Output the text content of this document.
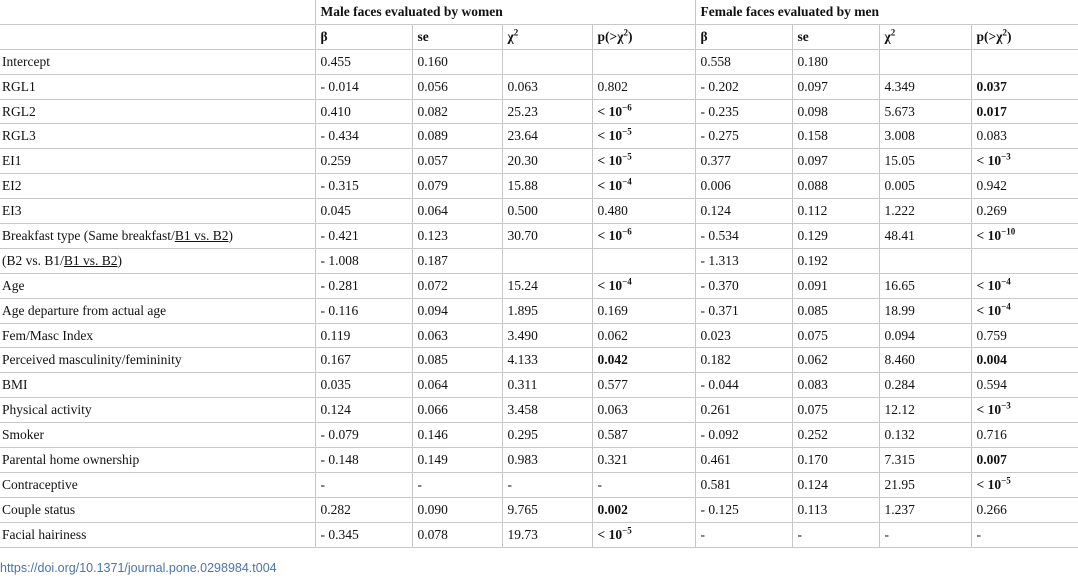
	Male faces evaluated by women				Female faces evaluated by men			
	β	se	$\chi^2$	$p(>\chi^2)$	β	se	$\chi^2$	$p(>\chi^2)$
Intercept	0.455	0.160			0.558	0.180		
RGL1	- 0.014	0.056	0.063	0.802	- 0.202	0.097	4.349	0.037
RGL2	0.410	0.082	25.23	< $10^{-6}$	- 0.235	0.098	5.673	0.017
RGL3	- 0.434	0.089	23.64	< $10^{-5}$	- 0.275	0.158	3.008	0.083
EI1	0.259	0.057	20.30	< $10^{-5}$	0.377	0.097	15.05	< $10^{-3}$
EI2	- 0.315	0.079	15.88	< $10^{-4}$	0.006	0.088	0.005	0.942
EI3	0.045	0.064	0.500	0.480	0.124	0.112	1.222	0.269
Breakfast type (Same breakfast/B1 vs. B2)	- 0.421	0.123	30.70	< $10^{-6}$	- 0.534	0.129	48.41	< $10^{-10}$
(B2 vs. B1/B1 vs. B2)	- 1.008	0.187			- 1.313	0.192		
Age	- 0.281	0.072	15.24	< $10^{-4}$	- 0.370	0.091	16.65	< $10^{-4}$
Age departure from actual age	- 0.116	0.094	1.895	0.169	- 0.371	0.085	18.99	< $10^{-4}$
Fem/Masc Index	0.119	0.063	3.490	0.062	0.023	0.075	0.094	0.759
Perceived masculinity/femininity	0.167	0.085	4.133	0.042	0.182	0.062	8.460	0.004
BMI	0.035	0.064	0.311	0.577	- 0.044	0.083	0.284	0.594
Physical activity	0.124	0.066	3.458	0.063	0.261	0.075	12.12	< $10^{-3}$
Smoker	- 0.079	0.146	0.295	0.587	- 0.092	0.252	0.132	0.716
Parental home ownership	- 0.148	0.149	0.983	0.321	0.461	0.170	7.315	0.007
Contraceptive	-	-	-	-	0.581	0.124	21.95	< $10^{-5}$
Couple status	0.282	0.090	9.765	0.002	- 0.125	0.113	1.237	0.266
Facial hairiness	- 0.345	0.078	19.73	< $10^{-5}$	-	-	-	-
https://doi.org/10.1371/journal.pone.0298984.t004
